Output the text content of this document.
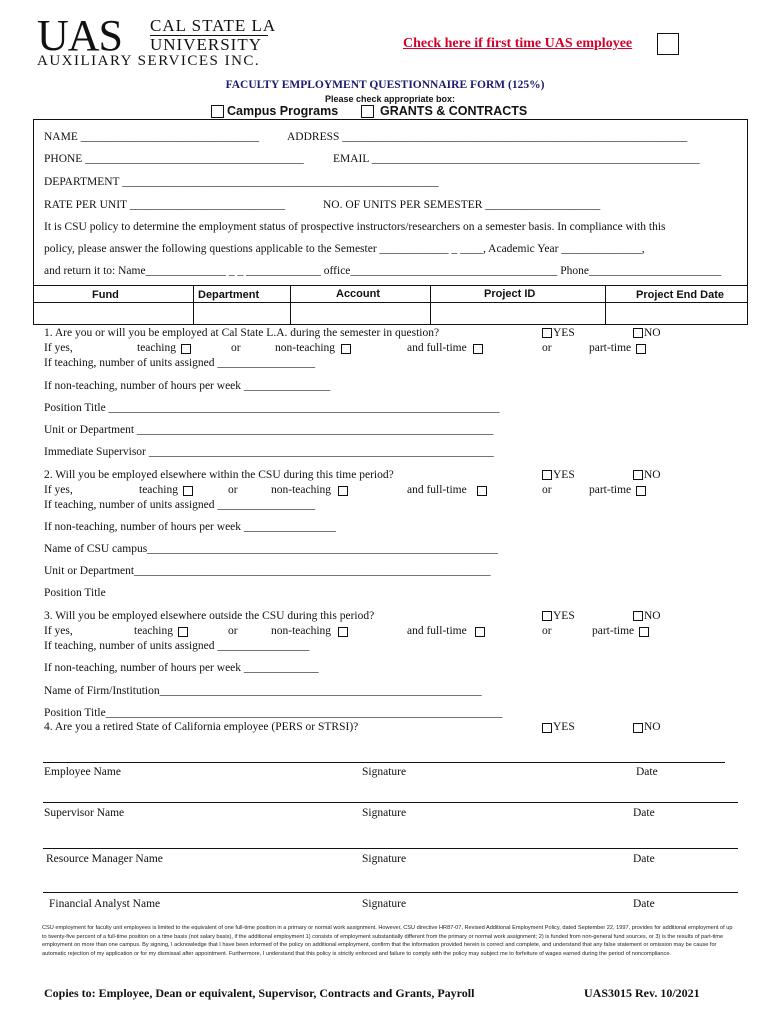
UAS CAL STATE LA
UNIVERSITY
AUXILIARY SERVICES INC.
Check here if first time UAS employee
FACULTY EMPLOYMENT QUESTIONNAIRE FORM (125%)
Please check appropriate box:
Campus Programs	GRANTS & CONTRACTS
NAME _______________________________ ADDRESS ____________________________________________________________
PHONE ______________________________________	EMAIL _________________________________________________________
DEPARTMENT _______________________________________________________
RATE PER UNIT ___________________________	NO. OF UNITS PER SEMESTER ____________________
It is CSU policy to determine the employment status of prospective instructors/researchers on a semester basis. In compliance with this
policy, please answer the following questions applicable to the Semester ____________ _ ____, Academic Year ______________,
and return it to: Name______________ _ _ _____________ office____________________________________ Phone_______________________
Fund	Department	Account	Project ID	Project End Date
1. Are you or will you be employed at Cal State L.A. during the semester in question?	YES	NO
If yes,	teaching	or	non-teaching	and full-time	or	part-time
If teaching, number of units assigned _________________
If non-teaching, number of hours per week _______________
Position Title ____________________________________________________________________
Unit or Department ______________________________________________________________
Immediate Supervisor ____________________________________________________________
2. Will you be employed elsewhere within the CSU during this time period?	YES	NO
If yes,	teaching	or	non-teaching	and full-time	or	part-time
If teaching, number of units assigned _________________
If non-teaching, number of hours per week ________________
Name of CSU campus_____________________________________________________________
Unit or Department______________________________________________________________
Position Title
3. Will you be employed elsewhere outside the CSU during this period?	YES	NO
If yes,	teaching	or	non-teaching	and full-time	or	part-time
If teaching, number of units assigned ________________
If non-teaching, number of hours per week _____________
Name of Firm/Institution________________________________________________________
Position Title_____________________________________________________________________
4. Are you a retired State of California employee (PERS or STRSI)?	YES	NO
Employee Name	Signature	Date
Supervisor Name	Signature	Date
Resource Manager Name	Signature	Date
Financial Analyst Name	Signature	Date
CSU employment for faculty unit employees is limited to the equivalent of one full-time position in a primary or normal work assignment. However, CSU directive HR87-07, Revised Additional Employment Policy, dated September 22, 1997, provides for additional employment of up to twenty-five percent of a full-time position on a time basis (not salary basis), if the additional employment 1) consists of employment substantially different from the primary or normal work assignment; 2) is funded from non-general fund sources, or 3) is the results of part-time employment on more than one campus. By signing, I acknowledge that I have been informed of the policy on additional employment, confirm that the information provided herein is correct and complete, and understand that any false statement or omission may be cause for automatic rejection of my application or for my dismissal after appointment. Furthermore, I understand that this policy is strictly enforced and failure to comply with the policy may subject me to forfeiture of wages earned during the period of noncompliance.
Copies to: Employee, Dean or equivalent, Supervisor, Contracts and Grants, Payroll	UAS3015 Rev. 10/2021
